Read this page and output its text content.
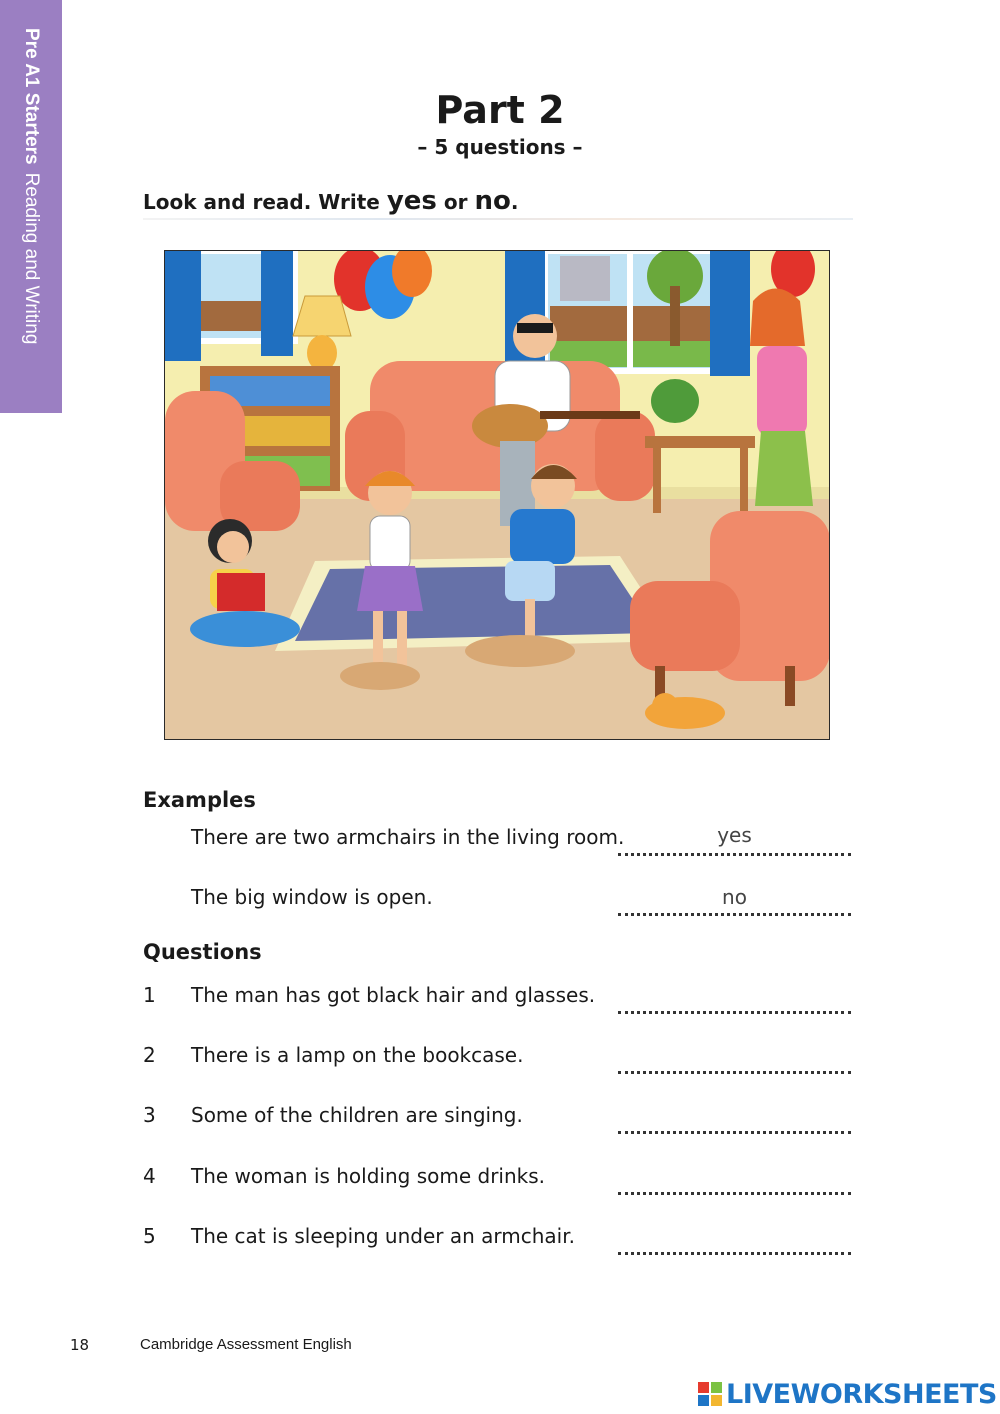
Pre A1 StartersReading and Writing
Part 2
– 5 questions –
Look and read. Write yes or no.
Examples
There are two armchairs in the living room.	yes
The big window is open.	no
Questions
1 The man has got black hair and glasses.
2 There is a lamp on the bookcase.
3 Some of the children are singing.
4 The woman is holding some drinks.
5 The cat is sleeping under an armchair.
18	Cambridge Assessment English
LIVEWORKSHEETS
